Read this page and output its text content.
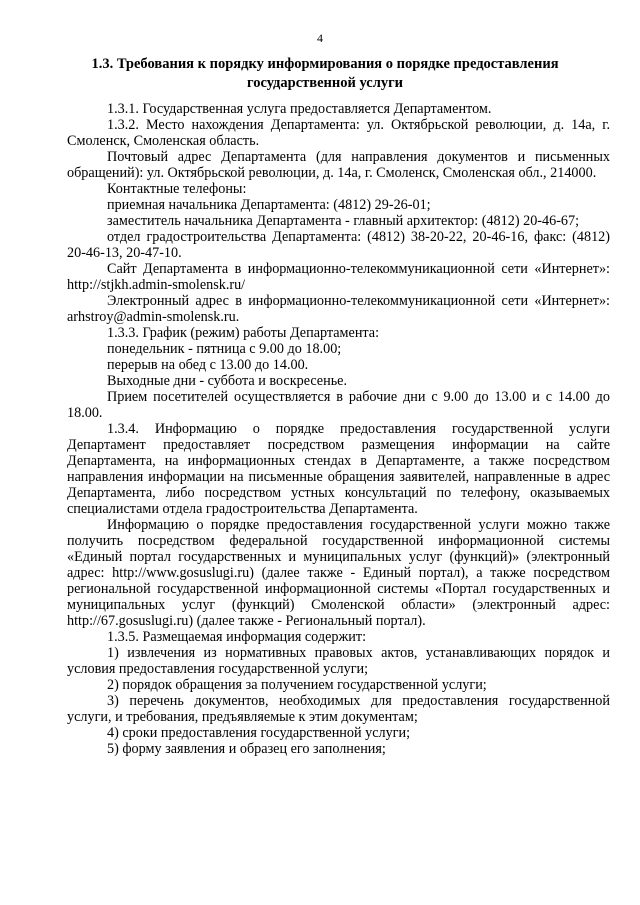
4
1.3. Требования к порядку информирования о порядке предоставления государственной услуги

1.3.1. Государственная услуга предоставляется Департаментом.

1.3.2. Место нахождения Департамента: ул. Октябрьской революции, д. 14а, г. Смоленск, Смоленская область.

Почтовый адрес Департамента (для направления документов и письменных обращений): ул. Октябрьской революции, д. 14а, г. Смоленск, Смоленская обл., 214000.

Контактные телефоны:

приемная начальника Департамента: (4812) 29-26-01;

заместитель начальника Департамента - главный архитектор: (4812) 20-46-67;

отдел градостроительства Департамента: (4812) 38-20-22, 20-46-16, факс: (4812) 20-46-13, 20-47-10.

Сайт Департамента в информационно-телекоммуникационной сети «Интернет»: http://stjkh.admin-smolensk.ru/

Электронный адрес в информационно-телекоммуникационной сети «Интернет»: arhstroy@admin-smolensk.ru.

1.3.3. График (режим) работы Департамента:

понедельник - пятница с 9.00 до 18.00;

перерыв на обед с 13.00 до 14.00.

Выходные дни - суббота и воскресенье.

Прием посетителей осуществляется в рабочие дни с 9.00 до 13.00 и с 14.00 до 18.00.

1.3.4. Информацию о порядке предоставления государственной услуги Департамент предоставляет посредством размещения информации на сайте Департамента, на информационных стендах в Департаменте, а также посредством направления информации на письменные обращения заявителей, направленные в адрес Департамента, либо посредством устных консультаций по телефону, оказываемых специалистами отдела градостроительства Департамента.

Информацию о порядке предоставления государственной услуги можно также получить посредством федеральной государственной информационной системы «Единый портал государственных и муниципальных услуг (функций)» (электронный адрес: http://www.gosuslugi.ru) (далее также - Единый портал), а также посредством региональной государственной информационной системы «Портал государственных и муниципальных услуг (функций) Смоленской области» (электронный адрес: http://67.gosuslugi.ru) (далее также - Региональный портал).

1.3.5. Размещаемая информация содержит:

1) извлечения из нормативных правовых актов, устанавливающих порядок и условия предоставления государственной услуги;

2) порядок обращения за получением государственной услуги;

3) перечень документов, необходимых для предоставления государственной услуги, и требования, предъявляемые к этим документам;

4) сроки предоставления государственной услуги;

5) форму заявления и образец его заполнения;
